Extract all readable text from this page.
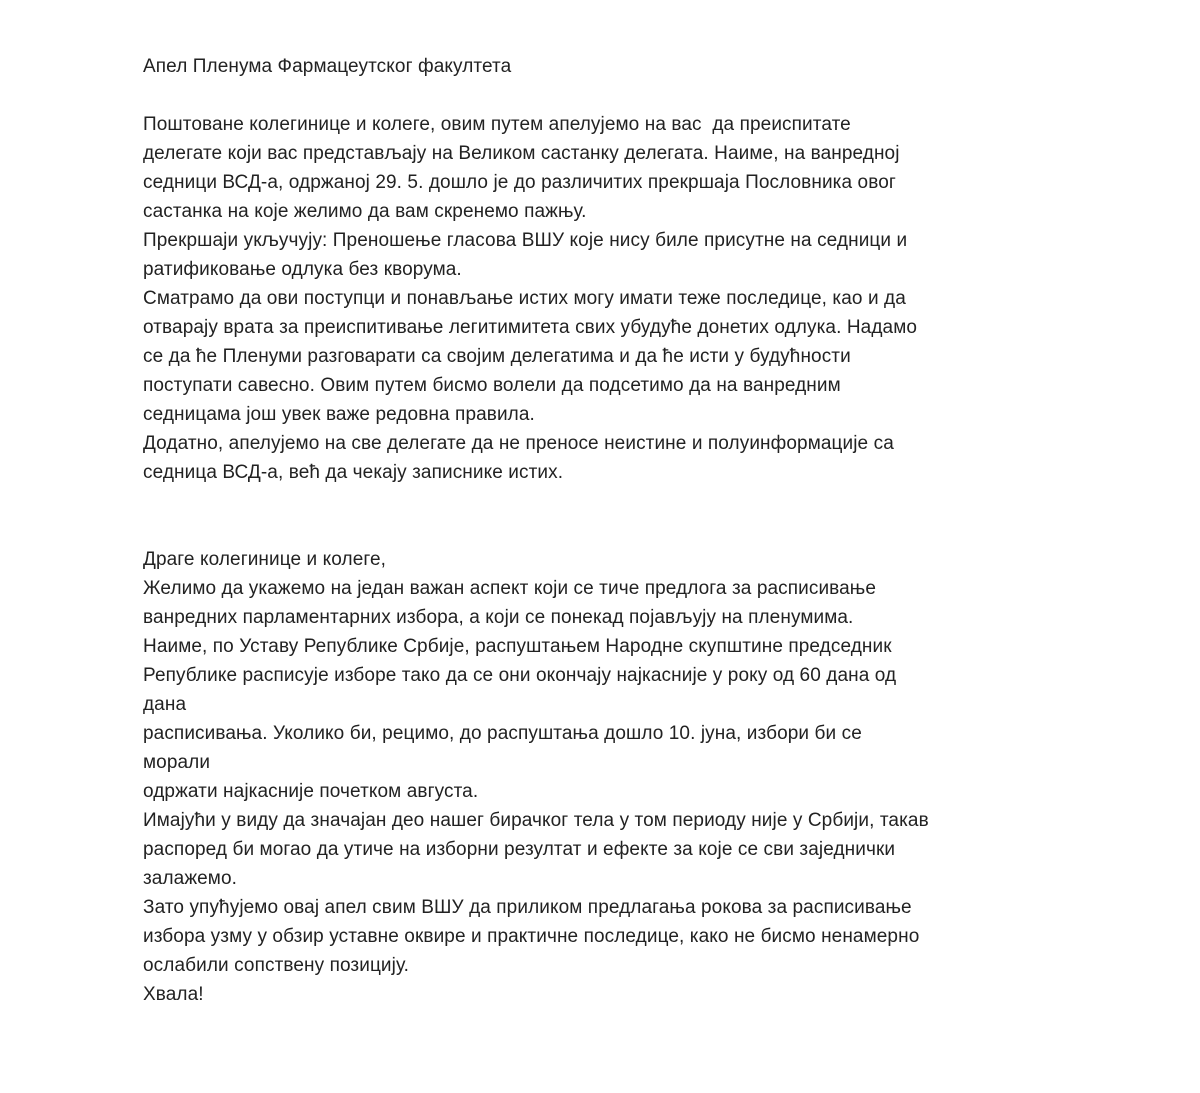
Апел Пленума Фармацеутског факултета
Поштоване колегинице и колеге, овим путем апелујемо на вас  да преиспитате
делегате који вас представљају на Великом састанку делегата. Наиме, на ванредној
седници ВСД-а, одржаној 29. 5. дошло је до различитих прекршаја Пословника овог
састанка на које желимо да вам скренемо пажњу.
Прекршаји укључују: Преношење гласова ВШУ које нису биле присутне на седници и
ратификовање одлука без кворума.
Сматрамо да ови поступци и понављање истих могу имати теже последице, као и да
отварају врата за преиспитивање легитимитета свих убудуће донетих одлука. Надамо
се да ће Пленуми разговарати са својим делегатима и да ће исти у будућности
поступати савесно. Овим путем бисмо волели да подсетимо да на ванредним
седницама још увек важе редовна правила.
Додатно, апелујемо на све делегате да не преносе неистине и полуинформације са
седница ВСД-а, већ да чекају записнике истих.
Драге колегинице и колеге,
Желимо да укажемо на један важан аспект који се тиче предлога за расписивање
ванредних парламентарних избора, а који се понекад појављују на пленумима.
Наиме, по Уставу Републике Србије, распуштањем Народне скупштине председник
Републике расписује изборе тако да се они окончају најкасније у року од 60 дана од
дана
расписивања. Уколико би, рецимо, до распуштања дошло 10. јуна, избори би се
морали
одржати најкасније почетком августа.
Имајући у виду да значајан део нашег бирачког тела у том периоду није у Србији, такав
распоред би могао да утиче на изборни резултат и ефекте за које се сви заједнички
залажемо.
Зато упућујемо овај апел свим ВШУ да приликом предлагања рокова за расписивање
избора узму у обзир уставне оквире и практичне последице, како не бисмо ненамерно
ослабили сопствену позицију.
Хвала!
